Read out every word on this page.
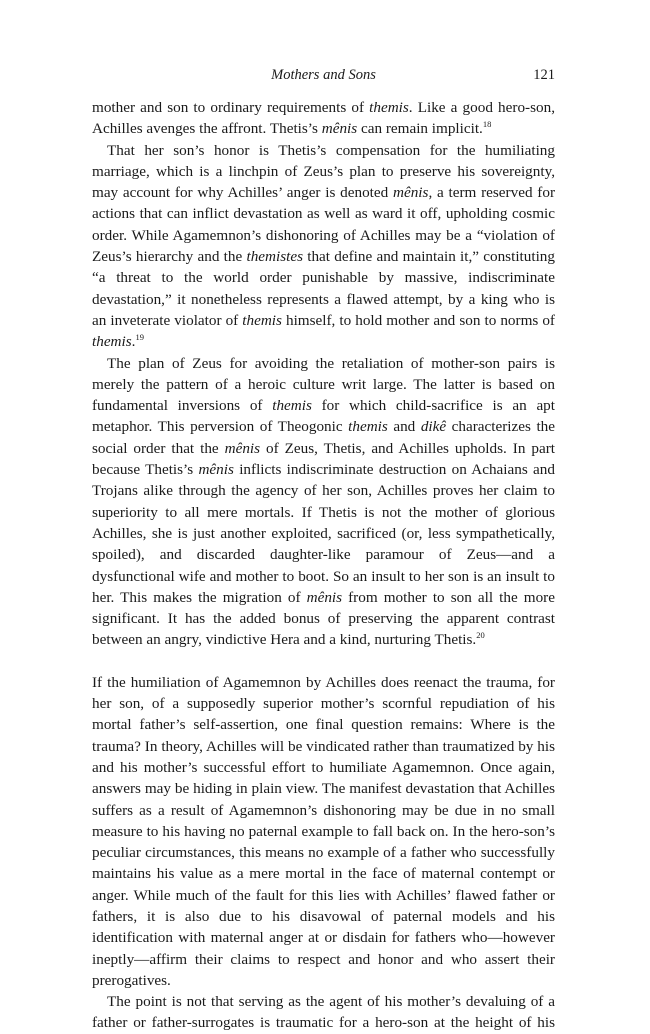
Mothers and Sons	121

mother and son to ordinary requirements of themis. Like a good hero-son, Achilles avenges the affront. Thetis’s mênis can remain implicit.$^{18}$

That her son’s honor is Thetis’s compensation for the humiliating marriage, which is a linchpin of Zeus’s plan to preserve his sovereignty, may account for why Achilles’ anger is denoted mênis, a term reserved for actions that can inflict devastation as well as ward it off, upholding cosmic order. While Agamemnon’s dishonoring of Achilles may be a “violation of Zeus’s hierarchy and the themistes that define and maintain it,” constituting “a threat to the world order punishable by massive, indiscriminate devastation,” it nonetheless represents a flawed attempt, by a king who is an inveterate violator of themis himself, to hold mother and son to norms of themis.$^{19}$

The plan of Zeus for avoiding the retaliation of mother-son pairs is merely the pattern of a heroic culture writ large. The latter is based on fundamental inversions of themis for which child-sacrifice is an apt metaphor. This perversion of Theogonic themis and dikê characterizes the social order that the mênis of Zeus, Thetis, and Achilles upholds. In part because Thetis’s mênis inflicts indiscriminate destruction on Achaians and Trojans alike through the agency of her son, Achilles proves her claim to superiority to all mere mortals. If Thetis is not the mother of glorious Achilles, she is just another exploited, sacrificed (or, less sympathetically, spoiled), and discarded daughter-like paramour of Zeus—and a dysfunctional wife and mother to boot. So an insult to her son is an insult to her. This makes the migration of mênis from mother to son all the more significant. It has the added bonus of preserving the apparent contrast between an angry, vindictive Hera and a kind, nurturing Thetis.$^{20}$

If the humiliation of Agamemnon by Achilles does reenact the trauma, for her son, of a supposedly superior mother’s scornful repudiation of his mortal father’s self-assertion, one final question remains: Where is the trauma? In theory, Achilles will be vindicated rather than traumatized by his and his mother’s successful effort to humiliate Agamemnon. Once again, answers may be hiding in plain view. The manifest devastation that Achilles suffers as a result of Agamemnon’s dishonoring may be due in no small measure to his having no paternal example to fall back on. In the hero-son’s peculiar circumstances, this means no example of a father who successfully maintains his value as a mere mortal in the face of maternal contempt or anger. While much of the fault for this lies with Achilles’ flawed father or fathers, it is also due to his disavowal of paternal models and his identification with maternal anger at or disdain for fathers who—however ineptly—affirm their claims to respect and honor and who assert their prerogatives.

The point is not that serving as the agent of his mother’s devaluing of a father or father-surrogates is traumatic for a hero-son at the height of his
